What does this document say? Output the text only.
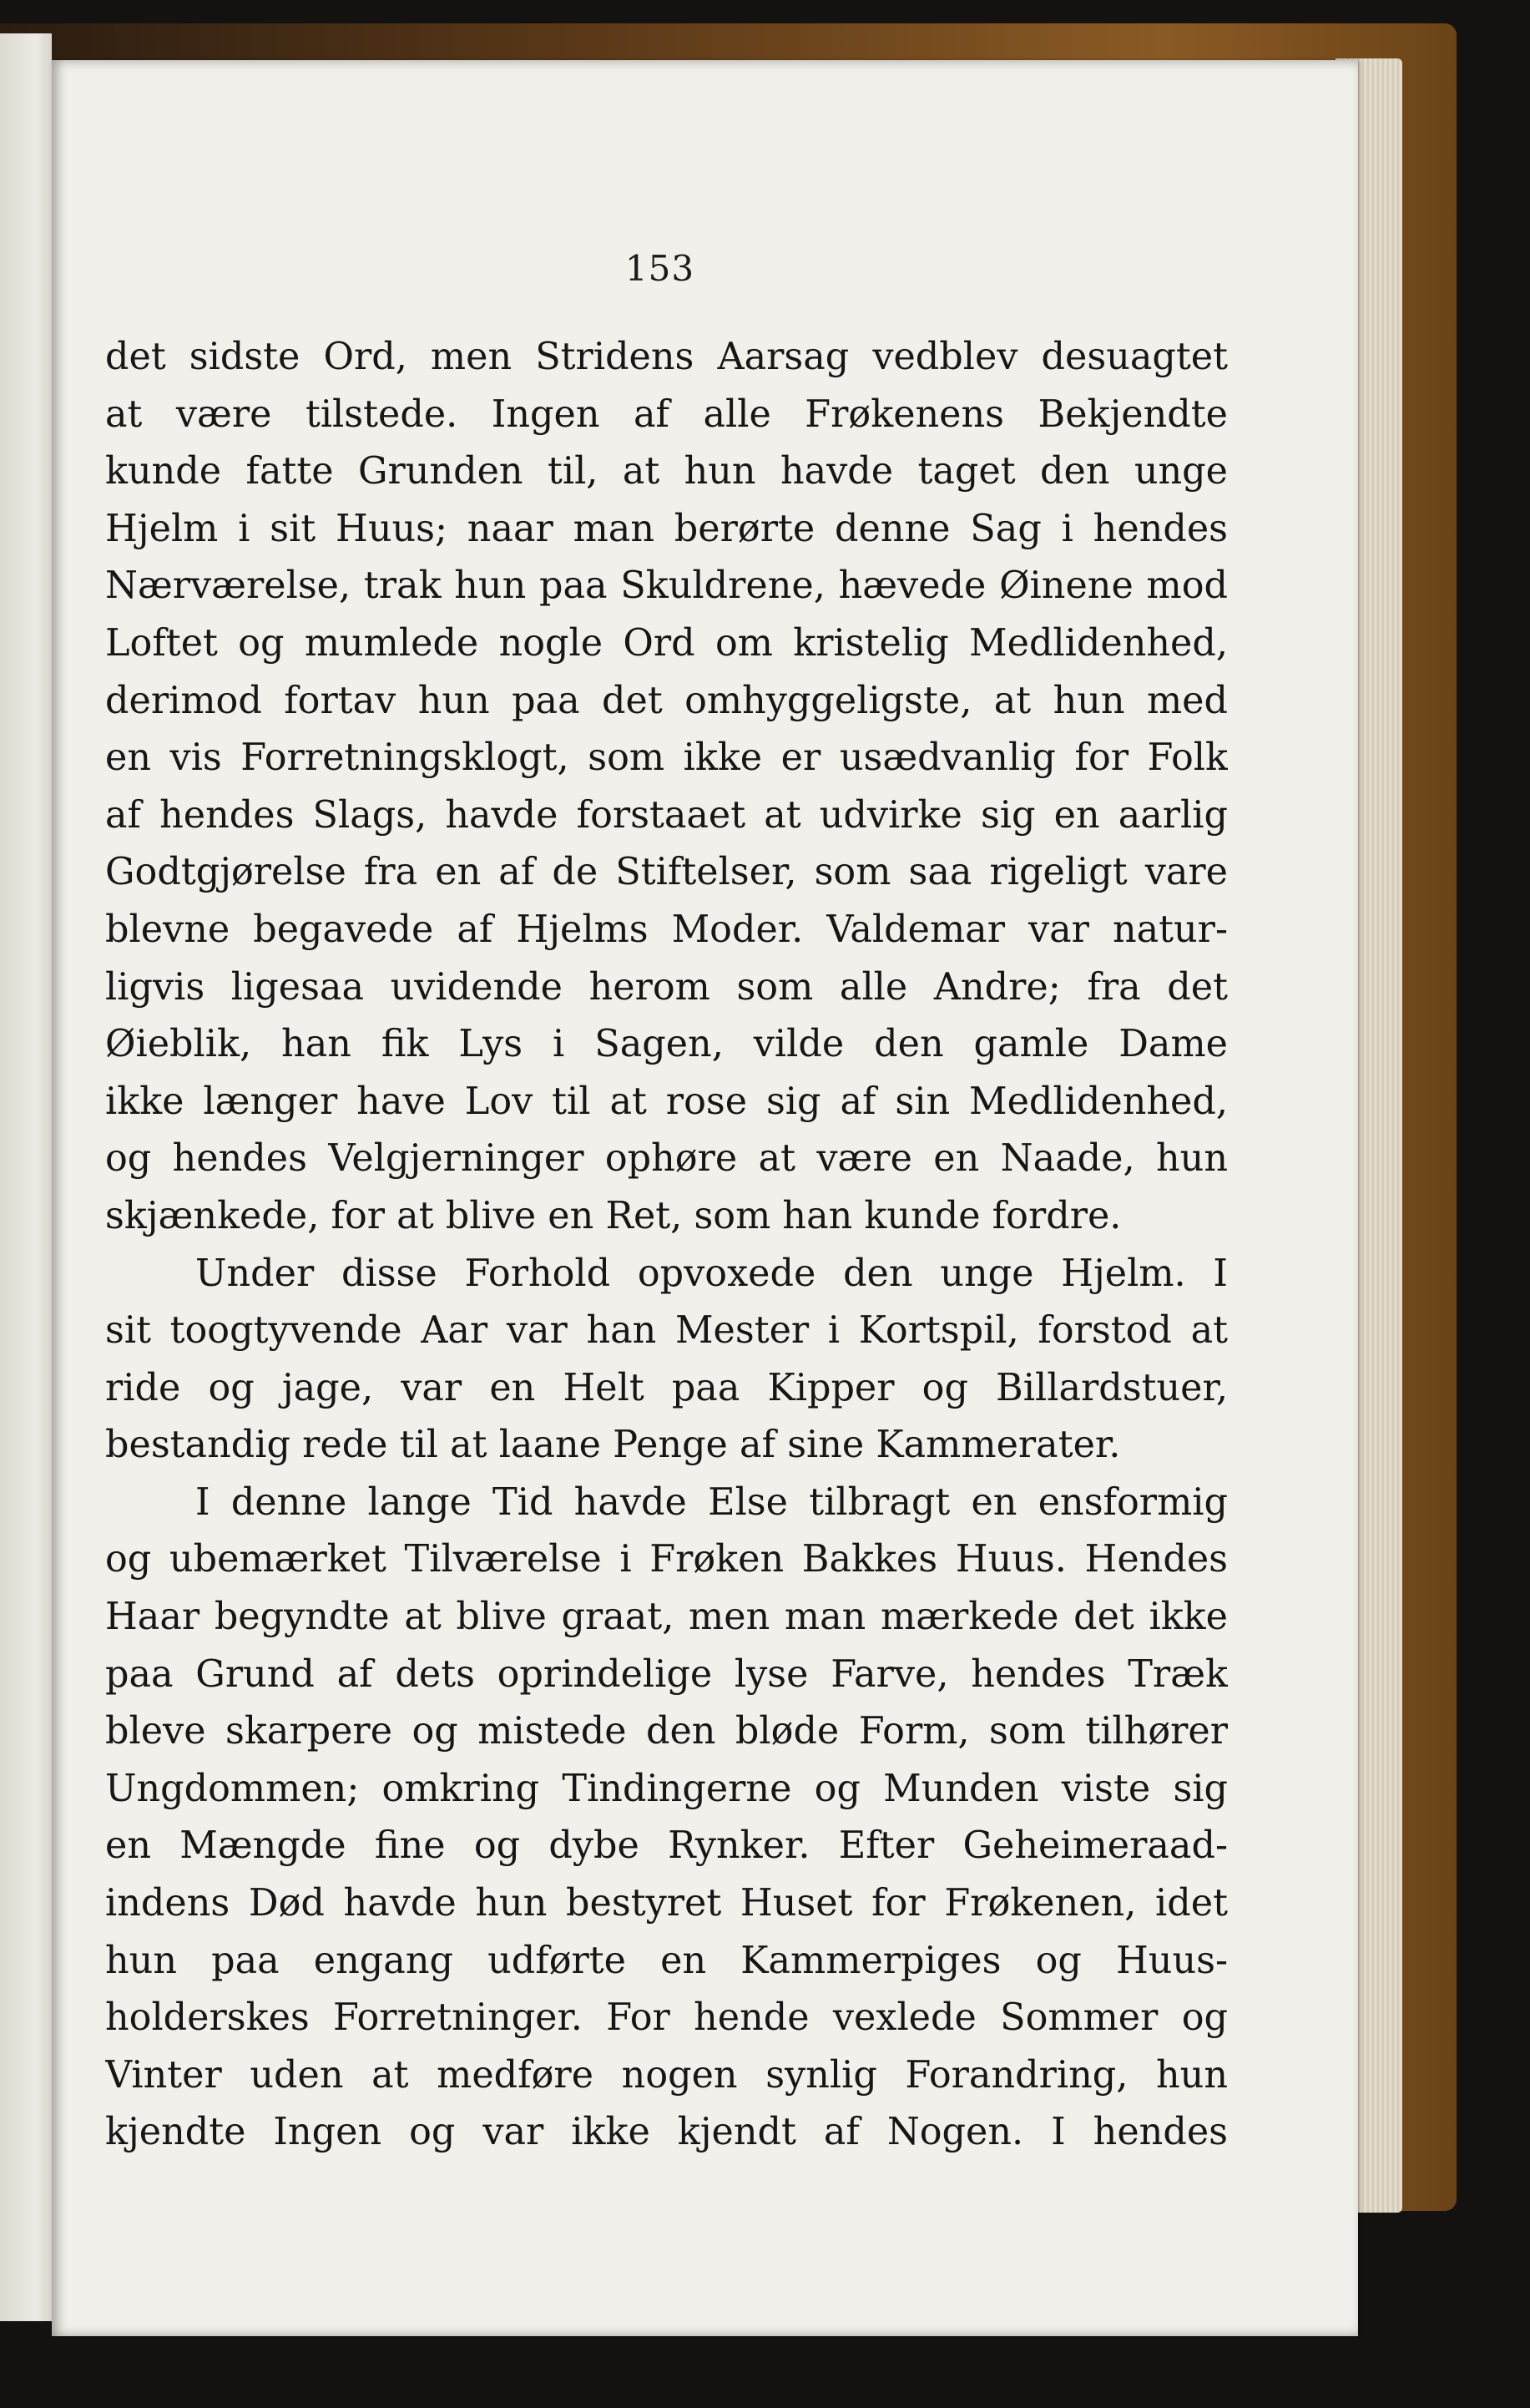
153
det sidste Ord, men Stridens Aarsag vedblev desuagtet
at være tilstede. Ingen af alle Frøkenens Bekjendte
kunde fatte Grunden til, at hun havde taget den unge
Hjelm i sit Huus; naar man berørte denne Sag i hendes
Nærværelse, trak hun paa Skuldrene, hævede Øinene mod
Loftet og mumlede nogle Ord om kristelig Medlidenhed,
derimod fortav hun paa det omhyggeligste, at hun med
en vis Forretningsklogt, som ikke er usædvanlig for Folk
af hendes Slags, havde forstaaet at udvirke sig en aarlig
Godtgjørelse fra en af de Stiftelser, som saa rigeligt vare
blevne begavede af Hjelms Moder. Valdemar var natur-
ligvis ligesaa uvidende herom som alle Andre; fra det
Øieblik, han fik Lys i Sagen, vilde den gamle Dame
ikke længer have Lov til at rose sig af sin Medlidenhed,
og hendes Velgjerninger ophøre at være en Naade, hun
skjænkede, for at blive en Ret, som han kunde fordre.
Under disse Forhold opvoxede den unge Hjelm. I
sit toogtyvende Aar var han Mester i Kortspil, forstod at
ride og jage, var en Helt paa Kipper og Billardstuer,
bestandig rede til at laane Penge af sine Kammerater.
I denne lange Tid havde Else tilbragt en ensformig
og ubemærket Tilværelse i Frøken Bakkes Huus. Hendes
Haar begyndte at blive graat, men man mærkede det ikke
paa Grund af dets oprindelige lyse Farve, hendes Træk
bleve skarpere og mistede den bløde Form, som tilhører
Ungdommen; omkring Tindingerne og Munden viste sig
en Mængde fine og dybe Rynker. Efter Geheimeraad-
indens Død havde hun bestyret Huset for Frøkenen, idet
hun paa engang udførte en Kammerpiges og Huus-
holderskes Forretninger. For hende vexlede Sommer og
Vinter uden at medføre nogen synlig Forandring, hun
kjendte Ingen og var ikke kjendt af Nogen. I hendes
